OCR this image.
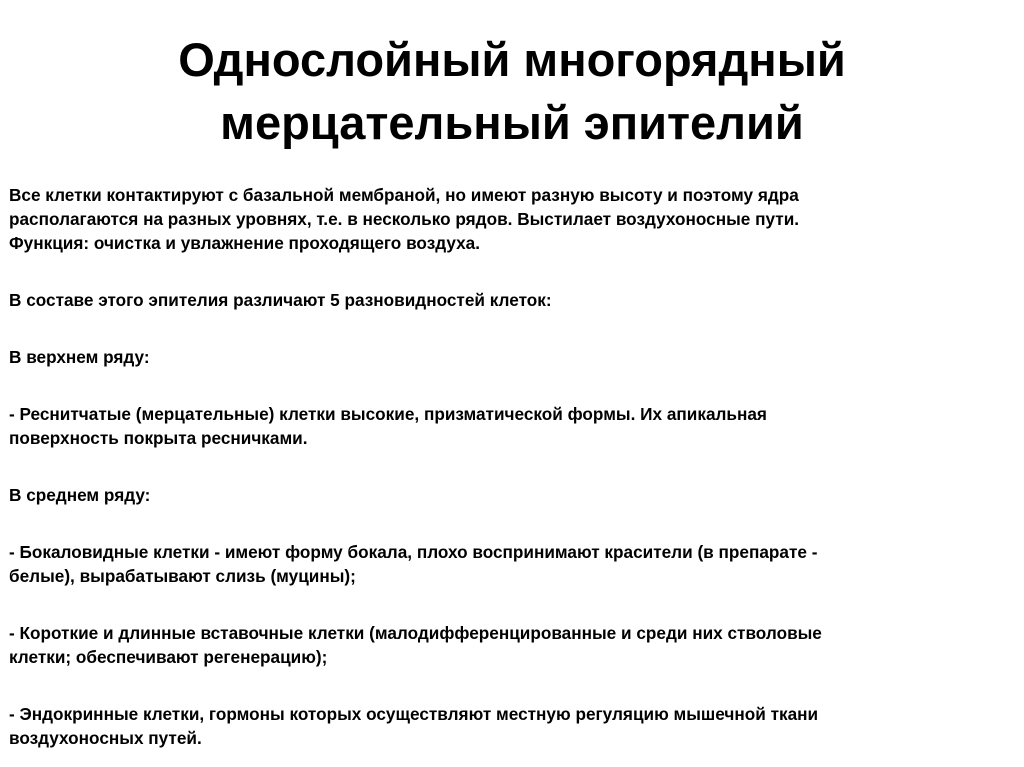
Однослойный многорядный
мерцательный эпителий

Все клетки контактируют с базальной мембраной, но имеют разную высоту и поэтому ядра
располагаются на разных уровнях, т.е. в несколько рядов. Выстилает воздухоносные пути.
Функция: очистка и увлажнение проходящего воздуха.

В составе этого эпителия различают 5 разновидностей клеток:

В верхнем ряду:

- Реснитчатые (мерцательные) клетки высокие, призматической формы. Их апикальная
поверхность покрыта ресничками.

В среднем ряду:

- Бокаловидные клетки - имеют форму бокала, плохо воспринимают красители (в препарате -
белые), вырабатывают слизь (муцины);

- Короткие и длинные вставочные клетки (малодифференцированные и среди них стволовые
клетки; обеспечивают регенерацию);

- Эндокринные клетки, гормоны которых осуществляют местную регуляцию мышечной ткани
воздухоносных путей.
